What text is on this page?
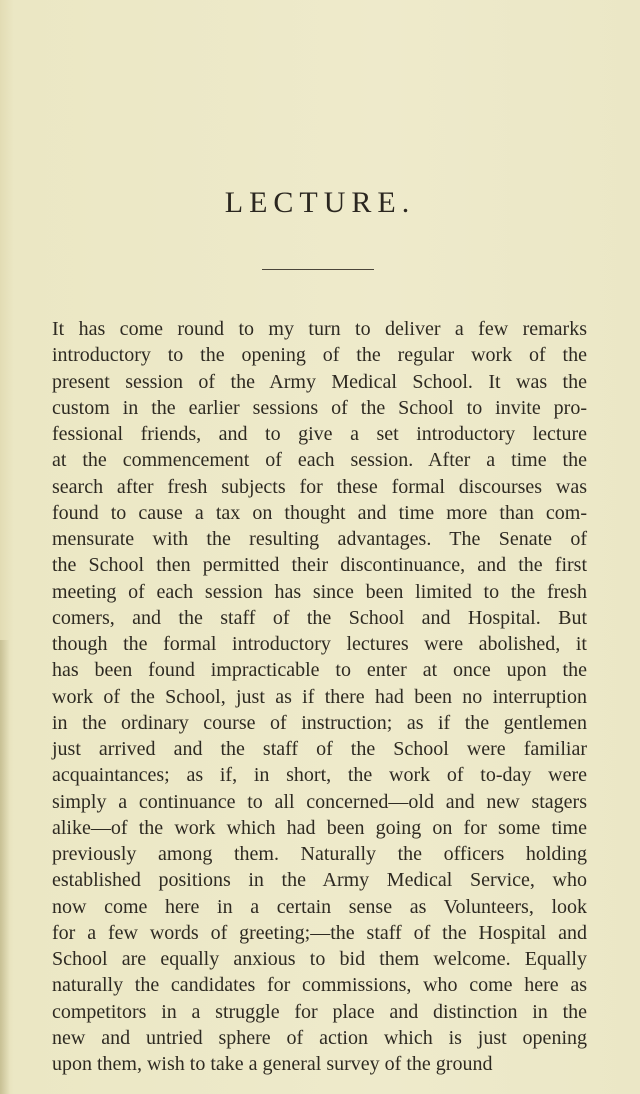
LECTURE.
It has come round to my turn to deliver a few remarks
introductory to the opening of the regular work of the
present session of the Army Medical School. It was the
custom in the earlier sessions of the School to invite pro-
fessional friends, and to give a set introductory lecture
at the commencement of each session. After a time the
search after fresh subjects for these formal discourses was
found to cause a tax on thought and time more than com-
mensurate with the resulting advantages. The Senate of
the School then permitted their discontinuance, and the first
meeting of each session has since been limited to the fresh
comers, and the staff of the School and Hospital. But
though the formal introductory lectures were abolished, it
has been found impracticable to enter at once upon the
work of the School, just as if there had been no interruption
in the ordinary course of instruction; as if the gentlemen
just arrived and the staff of the School were familiar
acquaintances; as if, in short, the work of to-day were
simply a continuance to all concerned—old and new stagers
alike—of the work which had been going on for some time
previously among them. Naturally the officers holding
established positions in the Army Medical Service, who
now come here in a certain sense as Volunteers, look
for a few words of greeting;—the staff of the Hospital and
School are equally anxious to bid them welcome. Equally
naturally the candidates for commissions, who come here as
competitors in a struggle for place and distinction in the
new and untried sphere of action which is just opening
upon them, wish to take a general survey of the ground
